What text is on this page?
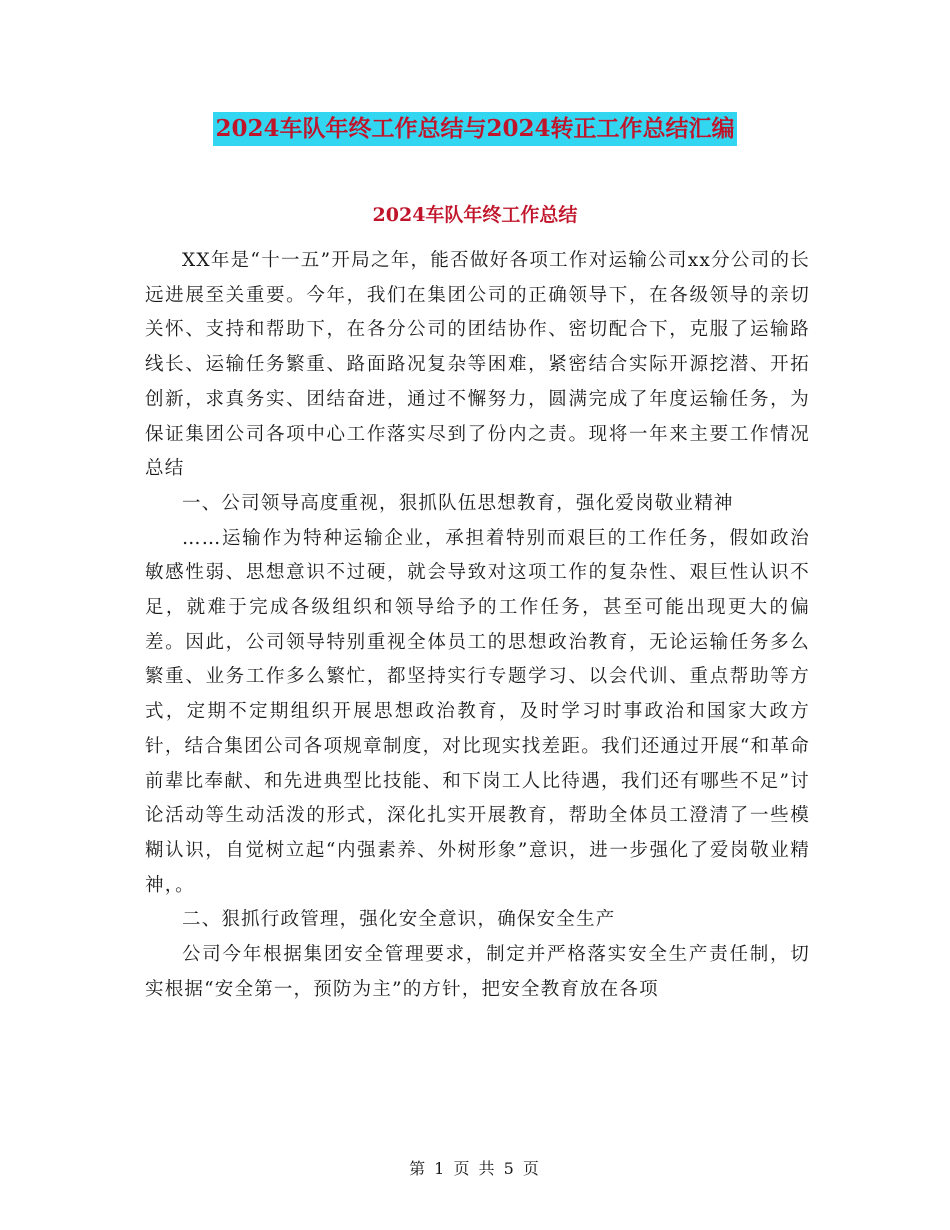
2024车队年终工作总结与2024转正工作总结汇编
2024车队年终工作总结

XX年是“十一五”开局之年，能否做好各项工作对运输公司xx分公司的长远进展至关重要。今年，我们在集团公司的正确领导下，在各级领导的亲切关怀、支持和帮助下，在各分公司的团结协作、密切配合下，克服了运输路线长、运输任务繁重、路面路况复杂等困难，紧密结合实际开源挖潜、开拓创新，求真务实、团结奋进，通过不懈努力，圆满完成了年度运输任务，为保证集团公司各项中心工作落实尽到了份内之责。现将一年来主要工作情况总结

一、公司领导高度重视，狠抓队伍思想教育，强化爱岗敬业精神

……运输作为特种运输企业，承担着特别而艰巨的工作任务，假如政治敏感性弱、思想意识不过硬，就会导致对这项工作的复杂性、艰巨性认识不足，就难于完成各级组织和领导给予的工作任务，甚至可能出现更大的偏差。因此，公司领导特别重视全体员工的思想政治教育，无论运输任务多么繁重、业务工作多么繁忙，都坚持实行专题学习、以会代训、重点帮助等方式，定期不定期组织开展思想政治教育，及时学习时事政治和国家大政方针，结合集团公司各项规章制度，对比现实找差距。我们还通过开展“和革命前辈比奉献、和先进典型比技能、和下岗工人比待遇，我们还有哪些不足”讨论活动等生动活泼的形式，深化扎实开展教育，帮助全体员工澄清了一些模糊认识，自觉树立起“内强素养、外树形象”意识，进一步强化了爱岗敬业精神，。

二、狠抓行政管理，强化安全意识，确保安全生产

公司今年根据集团安全管理要求，制定并严格落实安全生产责任制，切实根据“安全第一，预防为主”的方针，把安全教育放在各项

第 1 页 共 5 页
